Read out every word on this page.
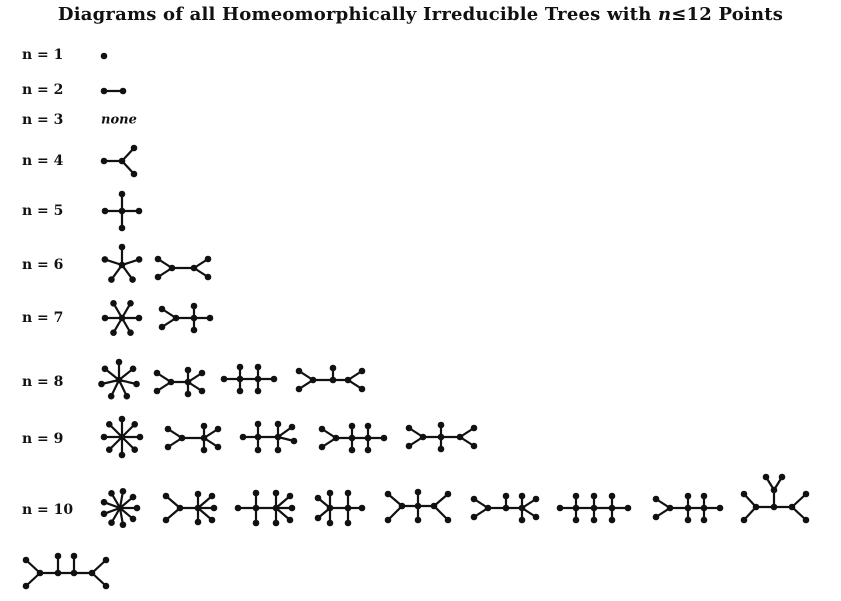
Diagrams of all Homeomorphically Irreducible Trees with n≤12 Points
n = 1
n = 2
n = 3	none
n = 4
n = 5
n = 6
n = 7
n = 8
n = 9
n = 10
